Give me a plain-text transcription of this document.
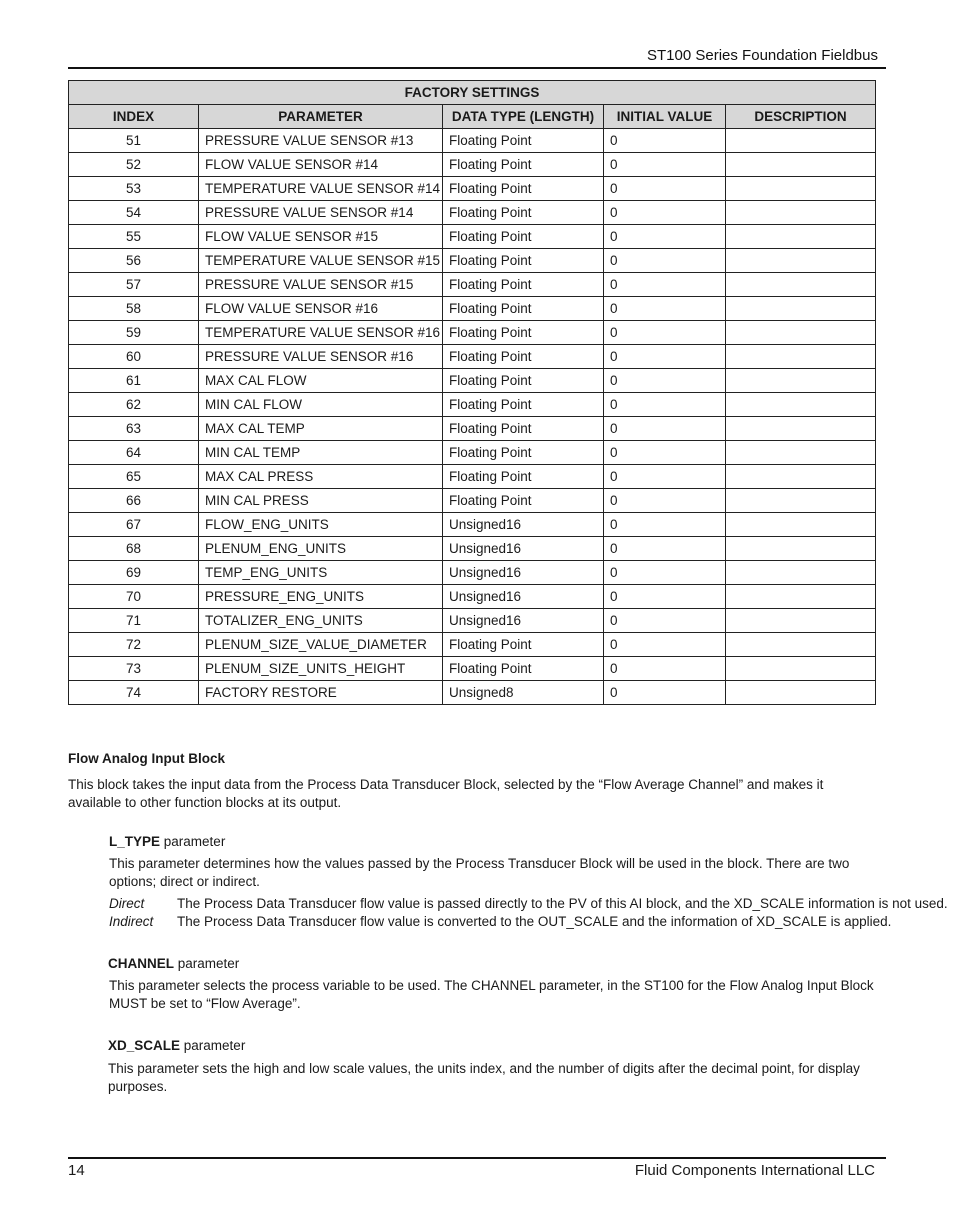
ST100 Series Foundation Fieldbus
FACTORY SETTINGS				
INDEX	PARAMETER	DATA TYPE (LENGTH)	INITIAL VALUE	DESCRIPTION
51	PRESSURE VALUE SENSOR #13	Floating Point	0	
52	FLOW VALUE SENSOR #14	Floating Point	0	
53	TEMPERATURE VALUE SENSOR #14	Floating Point	0	
54	PRESSURE VALUE SENSOR #14	Floating Point	0	
55	FLOW VALUE SENSOR #15	Floating Point	0	
56	TEMPERATURE VALUE SENSOR #15	Floating Point	0	
57	PRESSURE VALUE SENSOR #15	Floating Point	0	
58	FLOW VALUE SENSOR #16	Floating Point	0	
59	TEMPERATURE VALUE SENSOR #16	Floating Point	0	
60	PRESSURE VALUE SENSOR #16	Floating Point	0	
61	MAX CAL FLOW	Floating Point	0	
62	MIN CAL FLOW	Floating Point	0	
63	MAX CAL TEMP	Floating Point	0	
64	MIN CAL TEMP	Floating Point	0	
65	MAX CAL PRESS	Floating Point	0	
66	MIN CAL PRESS	Floating Point	0	
67	FLOW_ENG_UNITS	Unsigned16	0	
68	PLENUM_ENG_UNITS	Unsigned16	0	
69	TEMP_ENG_UNITS	Unsigned16	0	
70	PRESSURE_ENG_UNITS	Unsigned16	0	
71	TOTALIZER_ENG_UNITS	Unsigned16	0	
72	PLENUM_SIZE_VALUE_DIAMETER	Floating Point	0	
73	PLENUM_SIZE_UNITS_HEIGHT	Floating Point	0	
74	FACTORY RESTORE	Unsigned8	0	
Flow Analog Input Block
This block takes the input data from the Process Data Transducer Block, selected by the “Flow Average Channel” and makes it available to other function blocks at its output.
L_TYPE parameter
This parameter determines how the values passed by the Process Transducer Block will be used in the block. There are two options; direct or indirect.
Direct	The Process Data Transducer flow value is passed directly to the PV of this AI block, and the XD_SCALE information is not used.
Indirect	The Process Data Transducer flow value is converted to the OUT_SCALE and the information of XD_SCALE is applied.
CHANNEL parameter
This parameter selects the process variable to be used. The CHANNEL parameter, in the ST100 for the Flow Analog Input Block MUST be set to “Flow Average”.
XD_SCALE parameter
This parameter sets the high and low scale values, the units index, and the number of digits after the decimal point, for display purposes.
14	Fluid Components International LLC
